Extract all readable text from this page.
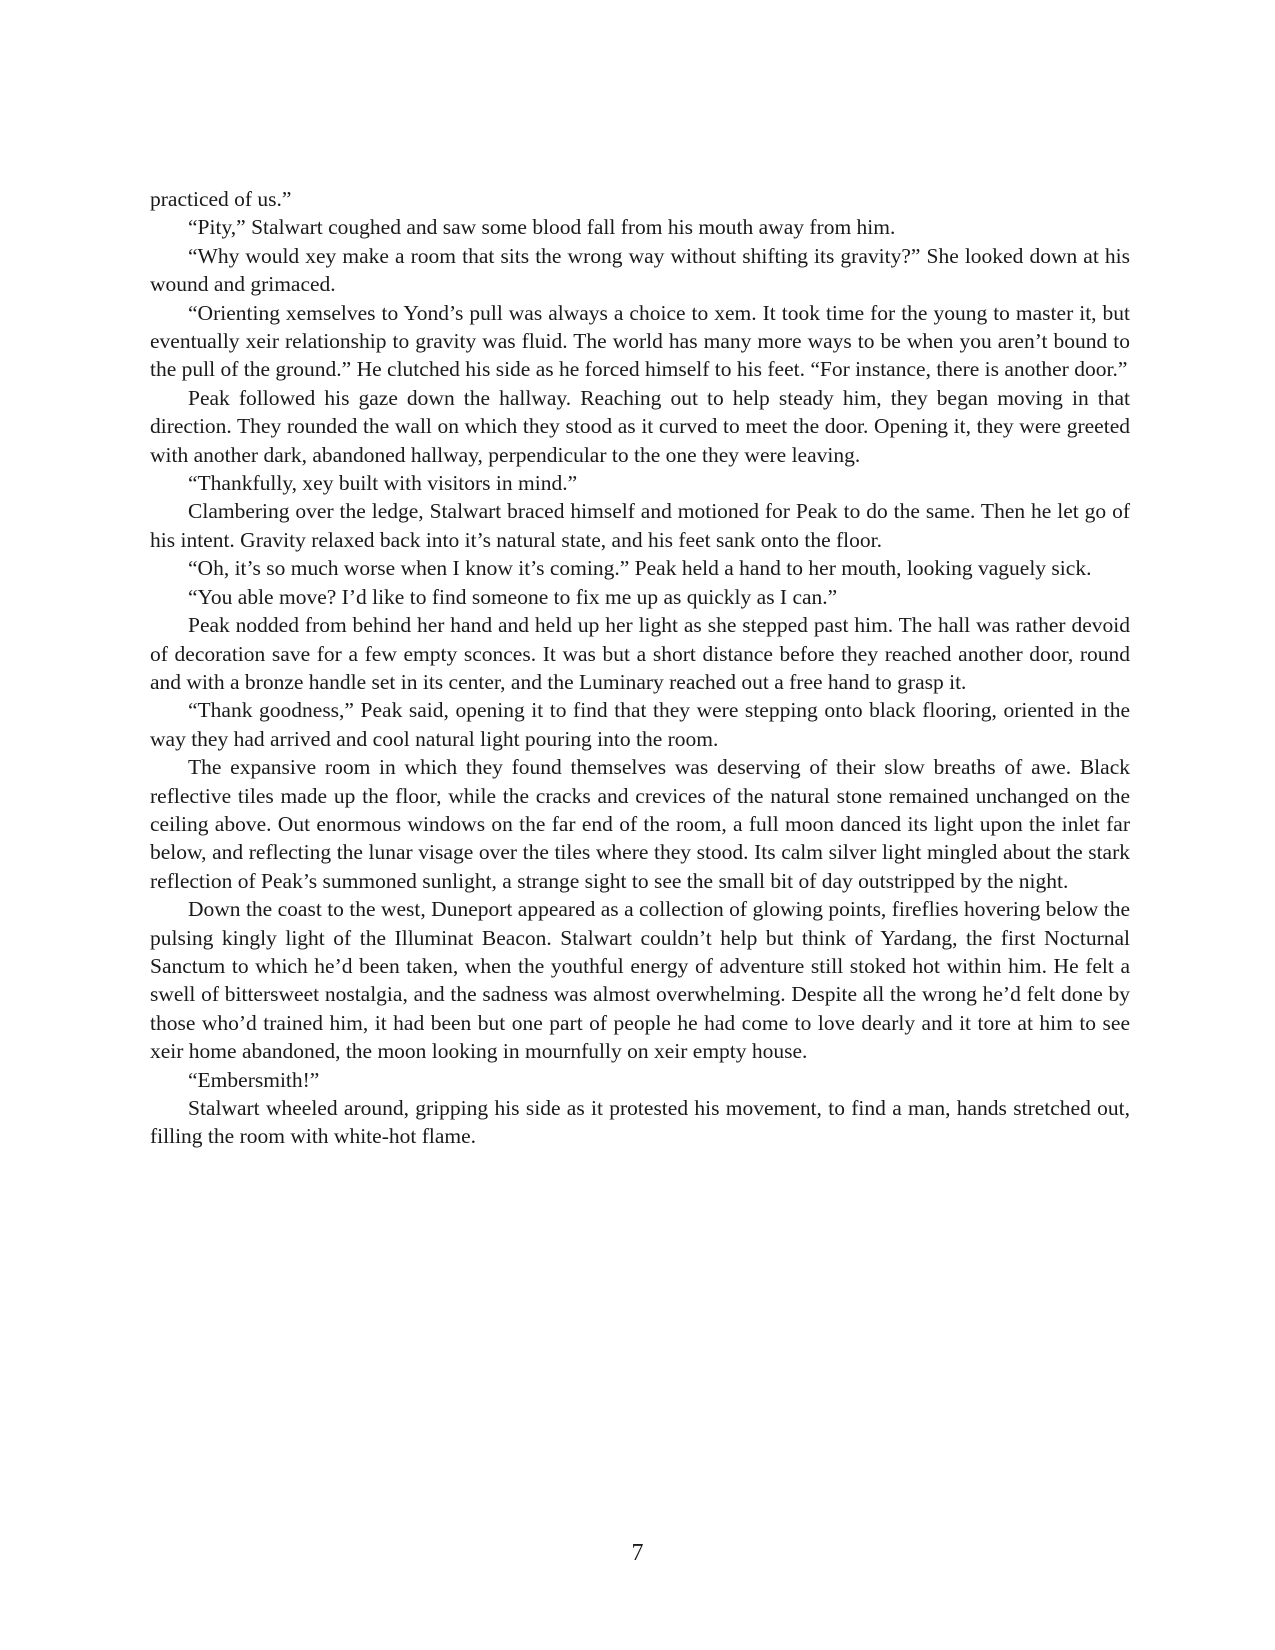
practiced of us.”

“Pity,” Stalwart coughed and saw some blood fall from his mouth away from him.

“Why would xey make a room that sits the wrong way without shifting its gravity?” She looked down at his wound and grimaced.

“Orienting xemselves to Yond’s pull was always a choice to xem. It took time for the young to master it, but eventually xeir relationship to gravity was fluid. The world has many more ways to be when you aren’t bound to the pull of the ground.” He clutched his side as he forced himself to his feet. “For instance, there is another door.”

Peak followed his gaze down the hallway. Reaching out to help steady him, they began moving in that direction. They rounded the wall on which they stood as it curved to meet the door. Opening it, they were greeted with another dark, abandoned hallway, perpendicular to the one they were leaving.

“Thankfully, xey built with visitors in mind.”

Clambering over the ledge, Stalwart braced himself and motioned for Peak to do the same. Then he let go of his intent. Gravity relaxed back into it’s natural state, and his feet sank onto the floor.

“Oh, it’s so much worse when I know it’s coming.” Peak held a hand to her mouth, looking vaguely sick.

“You able move? I’d like to find someone to fix me up as quickly as I can.”

Peak nodded from behind her hand and held up her light as she stepped past him. The hall was rather devoid of decoration save for a few empty sconces. It was but a short distance before they reached another door, round and with a bronze handle set in its center, and the Luminary reached out a free hand to grasp it.

“Thank goodness,” Peak said, opening it to find that they were stepping onto black flooring, oriented in the way they had arrived and cool natural light pouring into the room.

The expansive room in which they found themselves was deserving of their slow breaths of awe. Black reflective tiles made up the floor, while the cracks and crevices of the natural stone remained unchanged on the ceiling above. Out enormous windows on the far end of the room, a full moon danced its light upon the inlet far below, and reflecting the lunar visage over the tiles where they stood. Its calm silver light mingled about the stark reflection of Peak’s summoned sunlight, a strange sight to see the small bit of day outstripped by the night.

Down the coast to the west, Duneport appeared as a collection of glowing points, fireflies hovering below the pulsing kingly light of the Illuminat Beacon. Stalwart couldn’t help but think of Yardang, the first Nocturnal Sanctum to which he’d been taken, when the youthful energy of adventure still stoked hot within him. He felt a swell of bittersweet nostalgia, and the sadness was almost overwhelming. Despite all the wrong he’d felt done by those who’d trained him, it had been but one part of people he had come to love dearly and it tore at him to see xeir home abandoned, the moon looking in mournfully on xeir empty house.

“Embersmith!”

Stalwart wheeled around, gripping his side as it protested his movement, to find a man, hands stretched out, filling the room with white-hot flame.

7
